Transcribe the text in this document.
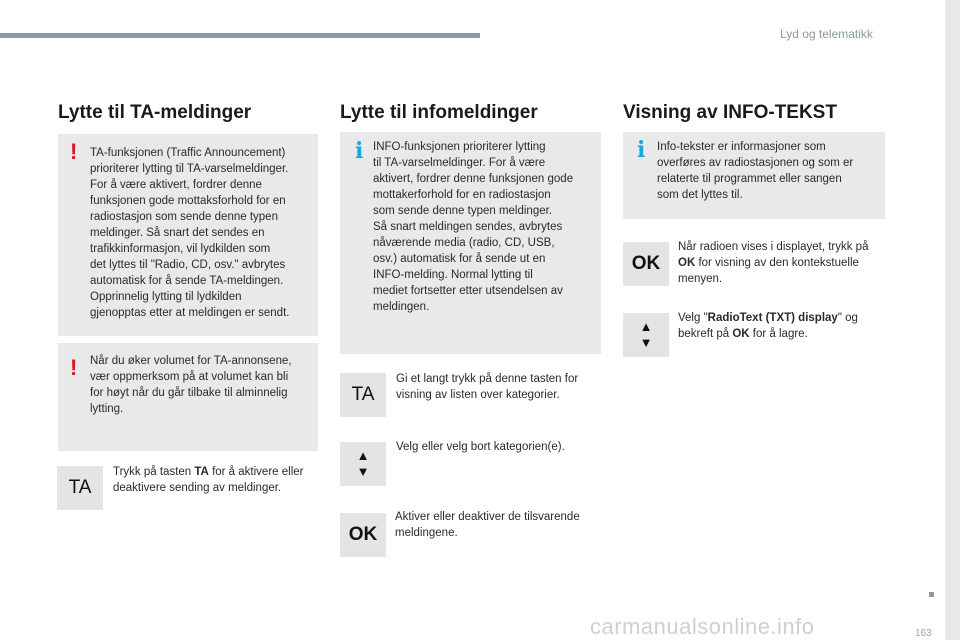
Lyd og telematikk
Lytte til TA-meldinger
! TA-funksjonen (Traffic Announcement)
prioriterer lytting til TA-varselmeldinger.
For å være aktivert, fordrer denne
funksjonen gode mottaksforhold for en
radiostasjon som sende denne typen
meldinger. Så snart det sendes en
trafikkinformasjon, vil lydkilden som
det lyttes til "Radio, CD, osv." avbrytes
automatisk for å sende TA-meldingen.
Opprinnelig lytting til lydkilden
gjenopptas etter at meldingen er sendt.
! Når du øker volumet for TA-annonsene,
vær oppmerksom på at volumet kan bli
for høyt når du går tilbake til alminnelig
lytting.
TA
Trykk på tasten TA for å aktivere eller deaktivere sending av meldinger.
Lytte til infomeldinger
i INFO-funksjonen prioriterer lytting
til TA-varselmeldinger. For å være
aktivert, fordrer denne funksjonen gode
mottakerforhold for en radiostasjon
som sende denne typen meldinger.
Så snart meldingen sendes, avbrytes
nåværende media (radio, CD, USB,
osv.) automatisk for å sende ut en
INFO-melding. Normal lytting til
mediet fortsetter etter utsendelsen av
meldingen.
TA
Gi et langt trykk på denne tasten for visning av listen over kategorier.
▲
▼
Velg eller velg bort kategorien(e).
OK
Aktiver eller deaktiver de tilsvarende meldingene.
Visning av INFO-TEKST
i Info-tekster er informasjoner som
overføres av radiostasjonen og som er
relaterte til programmet eller sangen
som det lyttes til.
OK
Når radioen vises i displayet, trykk på OK for visning av den kontekstuelle menyen.
▲
▼
Velg "RadioText (TXT) display" og bekreft på OK for å lagre.
carmanualsonline.info	163
